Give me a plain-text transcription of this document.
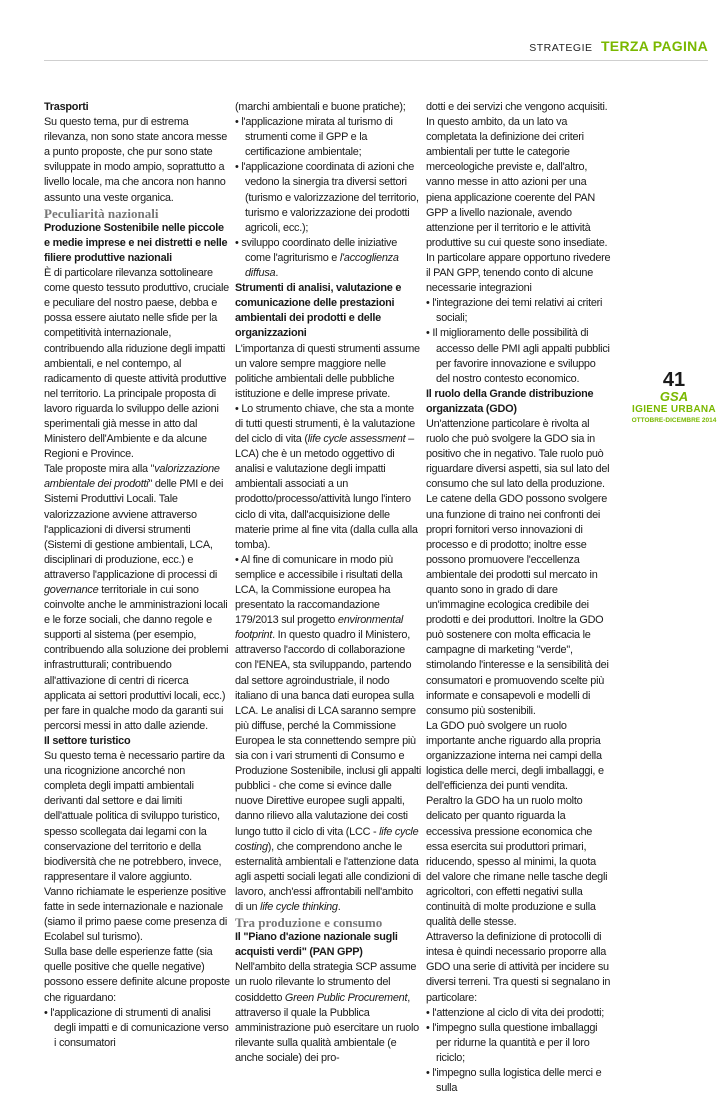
STRATEGIE TERZA PAGINA

Trasporti

Su questo tema, pur di estrema rilevanza, non sono state ancora messe a punto proposte, che pur sono state sviluppate in modo ampio, soprattutto a livello locale, ma che ancora non hanno assunto una veste organica.

Peculiarità nazionali

Produzione Sostenibile nelle piccole e medie imprese e nei distretti e nelle filiere produttive nazionali

È di particolare rilevanza sottolineare come questo tessuto produttivo, cruciale e peculiare del nostro paese, debba e possa essere aiutato nelle sfide per la competitività internazionale, contribuendo alla riduzione degli impatti ambientali, e nel contempo, al radicamento di queste attività produttive nel territorio. La principale proposta di lavoro riguarda lo sviluppo delle azioni sperimentali già messe in atto dal Ministero dell'Ambiente e da alcune Regioni e Province.

Tale proposte mira alla "valorizzazione ambientale dei prodotti" delle PMI e dei Sistemi Produttivi Locali. Tale valorizzazione avviene attraverso l'applicazioni di diversi strumenti (Sistemi di gestione ambientali, LCA, disciplinari di produzione, ecc.) e attraverso l'applicazione di processi di governance territoriale in cui sono coinvolte anche le amministrazioni locali e le forze sociali, che danno regole e supporti al sistema (per esempio, contribuendo alla soluzione dei problemi infrastrutturali; contribuendo all'attivazione di centri di ricerca applicata ai settori produttivi locali, ecc.) per fare in qualche modo da garanti sui percorsi messi in atto dalle aziende.

Il settore turistico

Su questo tema è necessario partire da una ricognizione ancorché non completa degli impatti ambientali derivanti dal settore e dai limiti dell'attuale politica di sviluppo turistico, spesso scollegata dai legami con la conservazione del territorio e della biodiversità che ne potrebbero, invece, rappresentare il valore aggiunto.

Vanno richiamate le esperienze positive fatte in sede internazionale e nazionale (siamo il primo paese come presenza di Ecolabel sul turismo).

Sulla base delle esperienze fatte (sia quelle positive che quelle negative) possono essere definite alcune proposte che riguardano:

• l'applicazione di strumenti di analisi degli impatti e di comunicazione verso i consumatori

(marchi ambientali e buone pratiche);

• l'applicazione mirata al turismo di strumenti come il GPP e la certificazione ambientale;

• l'applicazione coordinata di azioni che vedono la sinergia tra diversi settori (turismo e valorizzazione del territorio, turismo e valorizzazione dei prodotti agricoli, ecc.);

• sviluppo coordinato delle iniziative come l'agriturismo e l'accoglienza diffusa.

Strumenti di analisi, valutazione e comunicazione delle prestazioni ambientali dei prodotti e delle organizzazioni

L'importanza di questi strumenti assume un valore sempre maggiore nelle politiche ambientali delle pubbliche istituzione e delle imprese private.

• Lo strumento chiave, che sta a monte di tutti questi strumenti, è la valutazione del ciclo di vita (life cycle assessment – LCA) che è un metodo oggettivo di analisi e valutazione degli impatti ambientali associati a un prodotto/processo/attività lungo l'intero ciclo di vita, dall'acquisizione delle materie prime al fine vita (dalla culla alla tomba).

• Al fine di comunicare in modo più semplice e accessibile i risultati della LCA, la Commissione europea ha presentato la raccomandazione 179/2013 sul progetto environmental footprint. In questo quadro il Ministero, attraverso l'accordo di collaborazione con l'ENEA, sta sviluppando, partendo dal settore agroindustriale, il nodo italiano di una banca dati europea sulla LCA. Le analisi di LCA saranno sempre più diffuse, perché la Commissione Europea le sta connettendo sempre più sia con i vari strumenti di Consumo e Produzione Sostenibile, inclusi gli appalti pubblici - che come si evince dalle nuove Direttive europee sugli appalti, danno rilievo alla valutazione dei costi lungo tutto il ciclo di vita (LCC - life cycle costing), che comprendono anche le esternalità ambientali e l'attenzione data agli aspetti sociali legati alle condizioni di lavoro, anch'essi affrontabili nell'ambito di un life cycle thinking.

Tra produzione e consumo

Il "Piano d'azione nazionale sugli acquisti verdi" (PAN GPP)

Nell'ambito della strategia SCP assume un ruolo rilevante lo strumento del cosiddetto Green Public Procurement, attraverso il quale la Pubblica amministrazione può esercitare un ruolo rilevante sulla qualità ambientale (e anche sociale) dei pro-

dotti e dei servizi che vengono acquisiti. In questo ambito, da un lato va completata la definizione dei criteri ambientali per tutte le categorie merceologiche previste e, dall'altro, vanno messe in atto azioni per una piena applicazione coerente del PAN GPP a livello nazionale, avendo attenzione per il territorio e le attività produttive su cui queste sono insediate.

In particolare appare opportuno rivedere il PAN GPP, tenendo conto di alcune necessarie integrazioni

• l'integrazione dei temi relativi ai criteri sociali;

• Il miglioramento delle possibilità di accesso delle PMI agli appalti pubblici per favorire innovazione e sviluppo del nostro contesto economico.

Il ruolo della Grande distribuzione organizzata (GDO)

Un'attenzione particolare è rivolta al ruolo che può svolgere la GDO sia in positivo che in negativo. Tale ruolo può riguardare diversi aspetti, sia sul lato del consumo che sul lato della produzione.

Le catene della GDO possono svolgere una funzione di traino nei confronti dei propri fornitori verso innovazioni di processo e di prodotto; inoltre esse possono promuovere l'eccellenza ambientale dei prodotti sul mercato in quanto sono in grado di dare un'immagine ecologica credibile dei prodotti e dei produttori. Inoltre la GDO può sostenere con molta efficacia le campagne di marketing "verde", stimolando l'interesse e la sensibilità dei consumatori e promuovendo scelte più informate e consapevoli e modelli di consumo più sostenibili.

La GDO può svolgere un ruolo importante anche riguardo alla propria organizzazione interna nei campi della logistica delle merci, degli imballaggi, e dell'efficienza dei punti vendita.

Peraltro la GDO ha un ruolo molto delicato per quanto riguarda la eccessiva pressione economica che essa esercita sui produttori primari, riducendo, spesso al minimi, la quota del valore che rimane nelle tasche degli agricoltori, con effetti negativi sulla continuità di molte produzione e sulla qualità delle stesse.

Attraverso la definizione di protocolli di intesa è quindi necessario proporre alla GDO una serie di attività per incidere su diversi terreni. Tra questi si segnalano in particolare:

• l'attenzione al ciclo di vita dei prodotti;

• l'impegno sulla questione imballaggi per ridurne la quantità e per il loro riciclo;

• l'impegno sulla logistica delle merci e sulla

41
GSA
IGIENE URBANA
OTTOBRE-DICEMBRE 2014
